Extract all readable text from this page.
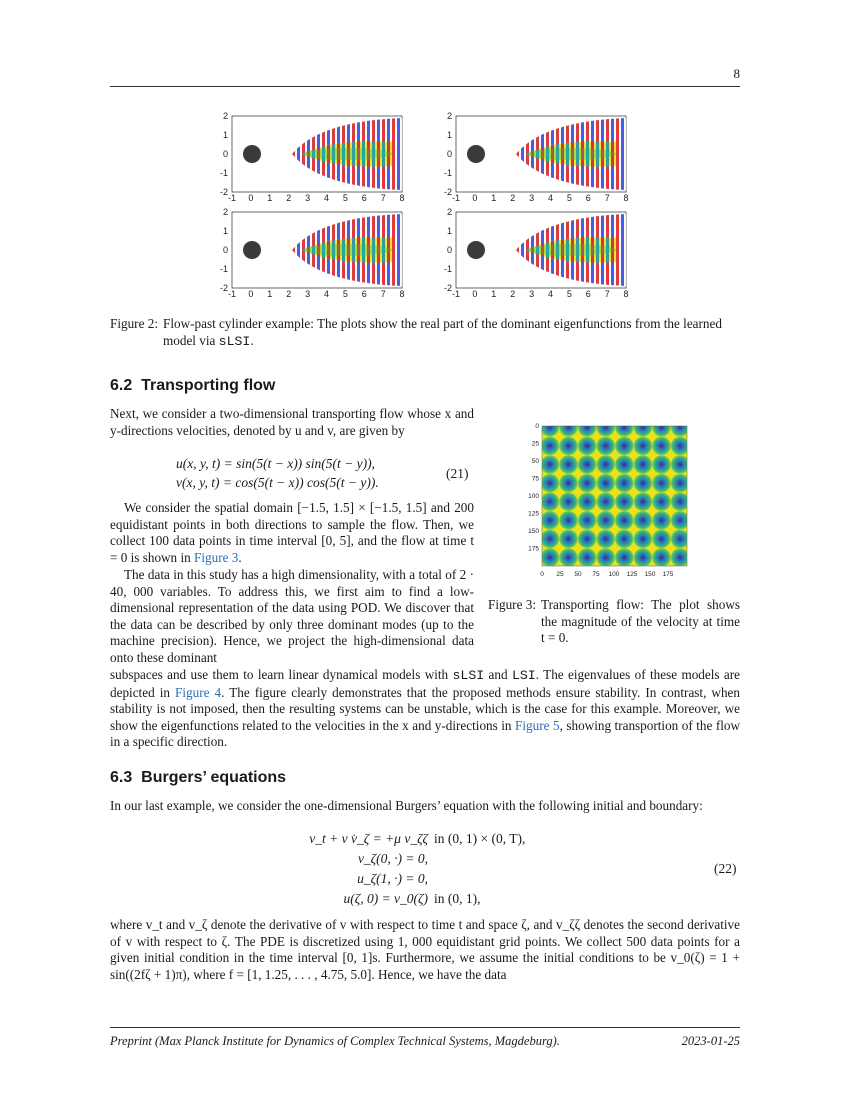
8
2
1
0
-1
-2
2
1
0
-1
-2
2
1
0
-1
-2
2
1
0
-1
-2
-1 0 1 2 3 4 5 6 7 8	-1 0 1 2 3 4 5 6 7 8
-1 0 1 2 3 4 5 6 7 8	-1 0 1 2 3 4 5 6 7 8
Figure 2: Flow-past cylinder example: The plots show the real part of the dominant eigenfunctions from the learned model via sLSI.
6.2 Transporting flow
Next, we consider a two-dimensional transporting flow whose x and y-directions velocities, denoted by u and v, are given by
u(x, y, t) = sin(5(t − x)) sin(5(t − y)),
v(x, y, t) = cos(5(t − x)) cos(5(t − y)).
(21)
We consider the spatial domain [−1.5, 1.5] × [−1.5, 1.5] and 200 equidistant points in both directions to sample the flow. Then, we collect 100 data points in time interval [0, 5], and the flow at time t = 0 is shown in Figure 3.
The data in this study has a high dimensionality, with a total of 2 · 40, 000 variables. To address this, we first aim to find a low-dimensional representation of the data using POD. We discover that the data can be described by only three dominant modes (up to the machine precision). Hence, we project the high-dimensional data onto these dominant
subspaces and use them to learn linear dynamical models with sLSI and LSI. The eigenvalues of these models are depicted in Figure 4. The figure clearly demonstrates that the proposed methods ensure stability. In contrast, when stability is not imposed, then the resulting systems can be unstable, which is the case for this example. Moreover, we show the eigenfunctions related to the velocities in the x and y-directions in Figure 5, showing transportion of the flow in a specific direction.
0
25
50
75
100
125
150
175
0 25 50 75 100 125 150 175
Figure 3: Transporting flow: The plot shows the magnitude of the velocity at time t = 0.
6.3 Burgers’ equations
In our last example, we consider the one-dimensional Burgers’ equation with the following initial and boundary:
v_t + v v̇_ζ = +μ v_ζζ in (0, 1) × (0, T),
v_ζ(0, ·) = 0,
u_ζ(1, ·) = 0,
u(ζ, 0) = v_0(ζ) in (0, 1),
(22)
where v_t and v_ζ denote the derivative of v with respect to time t and space ζ, and v_ζζ denotes the second derivative of v with respect to ζ. The PDE is discretized using 1, 000 equidistant grid points. We collect 500 data points for a given initial condition in the time interval [0, 1]s. Furthermore, we assume the initial conditions to be v_0(ζ) = 1 + sin((2fζ + 1)π), where f = [1, 1.25, . . . , 4.75, 5.0]. Hence, we have the data
Preprint (Max Planck Institute for Dynamics of Complex Technical Systems, Magdeburg).	2023-01-25
